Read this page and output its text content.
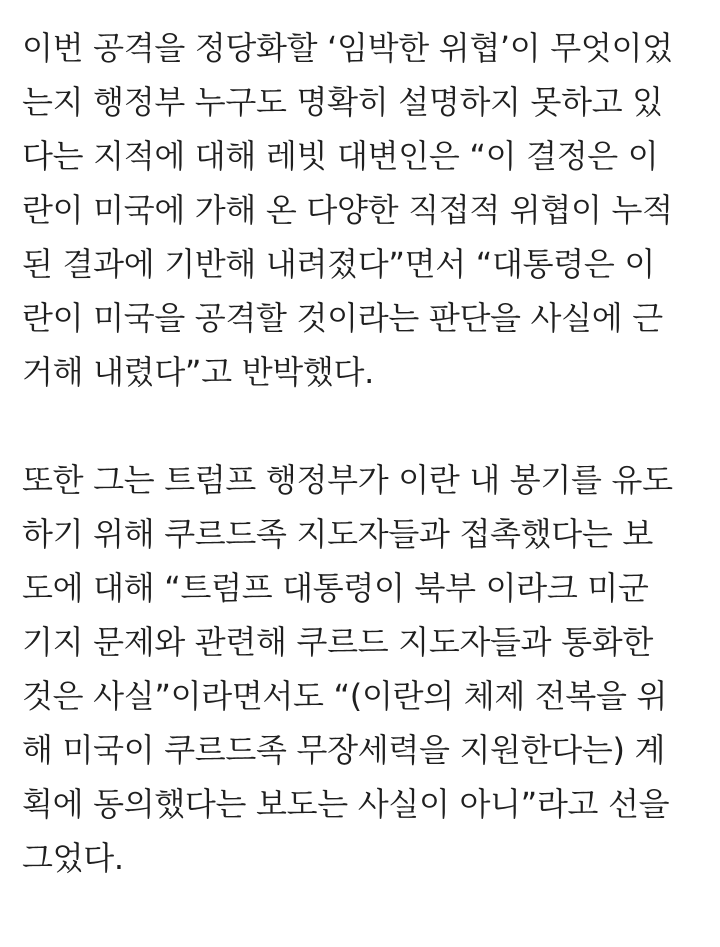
이번 공격을 정당화할 ‘임박한 위협’이 무엇이었
는지 행정부 누구도 명확히 설명하지 못하고 있
다는 지적에 대해 레빗 대변인은 “이 결정은 이
란이 미국에 가해 온 다양한 직접적 위협이 누적
된 결과에 기반해 내려졌다”면서 “대통령은 이
란이 미국을 공격할 것이라는 판단을 사실에 근
거해 내렸다”고 반박했다.

또한 그는 트럼프 행정부가 이란 내 봉기를 유도
하기 위해 쿠르드족 지도자들과 접촉했다는 보
도에 대해 “트럼프 대통령이 북부 이라크 미군
기지 문제와 관련해 쿠르드 지도자들과 통화한
것은 사실”이라면서도 “(이란의 체제 전복을 위
해 미국이 쿠르드족 무장세력을 지원한다는) 계
획에 동의했다는 보도는 사실이 아니”라고 선을
그었다.
